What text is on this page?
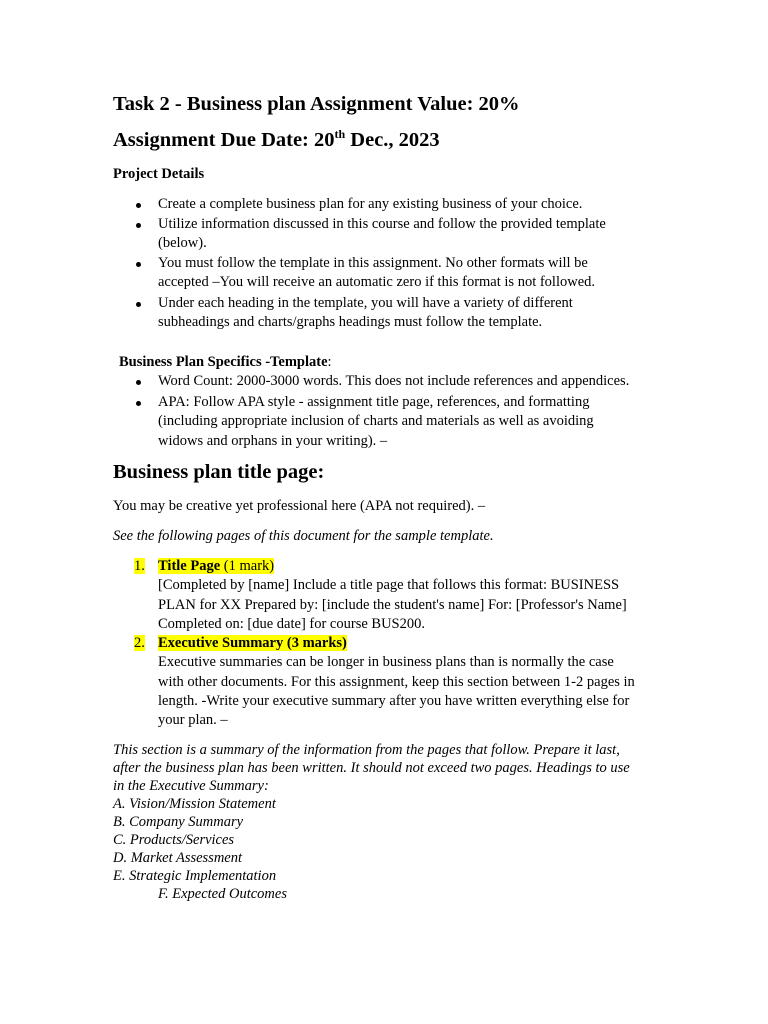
Task 2 - Business plan Assignment Value: 20%
Assignment Due Date: 20th Dec., 2023
Project Details
Create a complete business plan for any existing business of your choice.
Utilize information discussed in this course and follow the provided template
(below).
You must follow the template in this assignment. No other formats will be
accepted –You will receive an automatic zero if this format is not followed.
Under each heading in the template, you will have a variety of different
subheadings and charts/graphs headings must follow the template.
Business Plan Specifics -Template:
Word Count: 2000-3000 words. This does not include references and appendices.
APA: Follow APA style - assignment title page, references, and formatting
(including appropriate inclusion of charts and materials as well as avoiding
widows and orphans in your writing). –
Business plan title page:
You may be creative yet professional here (APA not required). –
See the following pages of this document for the sample template.
1. Title Page (1 mark)
[Completed by [name] Include a title page that follows this format: BUSINESS
PLAN for XX Prepared by: [include the student's name] For: [Professor's Name]
Completed on: [due date] for course BUS200.
2. Executive Summary (3 marks)
Executive summaries can be longer in business plans than is normally the case
with other documents. For this assignment, keep this section between 1-2 pages in
length. -Write your executive summary after you have written everything else for
your plan. –
This section is a summary of the information from the pages that follow. Prepare it last,
after the business plan has been written. It should not exceed two pages. Headings to use
in the Executive Summary:
A. Vision/Mission Statement
B. Company Summary
C. Products/Services
D. Market Assessment
E. Strategic Implementation
F. Expected Outcomes
